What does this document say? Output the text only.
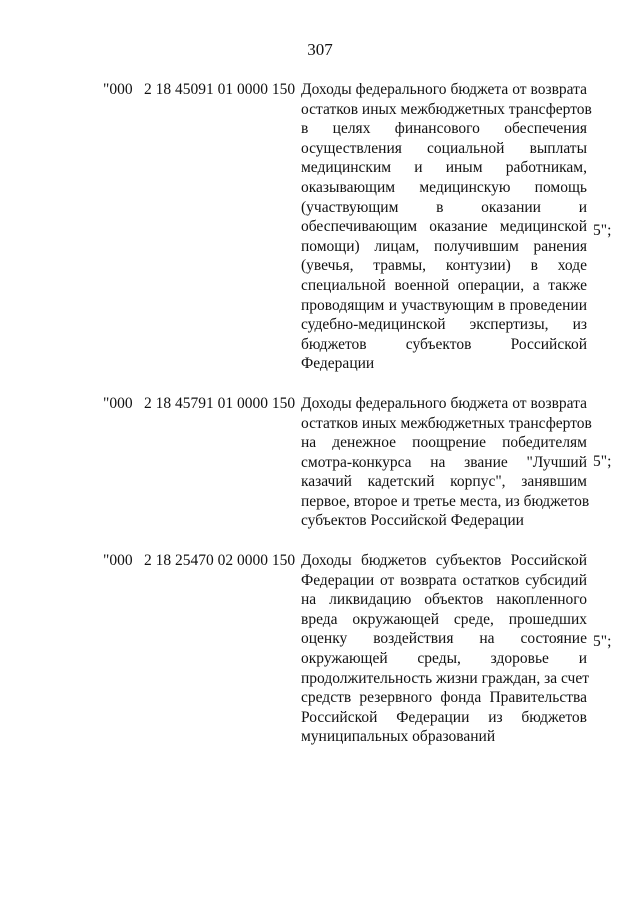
307
"000 2 18 45091 01 0000 150 Доходы федерального бюджета от возврата
остатков иных межбюджетных трансфертов
в целях финансового обеспечения
осуществления социальной выплаты
медицинским и иным работникам,
оказывающим медицинскую помощь
(участвующим в оказании и
обеспечивающим оказание медицинской
помощи) лицам, получившим ранения
(увечья, травмы, контузии) в ходе
специальной военной операции, а также
проводящим и участвующим в проведении
судебно-медицинской экспертизы, из
бюджетов субъектов Российской
Федерации
5";
"000 2 18 45791 01 0000 150 Доходы федерального бюджета от возврата
остатков иных межбюджетных трансфертов
на денежное поощрение победителям
смотра-конкурса на звание "Лучший
казачий кадетский корпус", занявшим
первое, второе и третье места, из бюджетов
субъектов Российской Федерации
5";
"000 2 18 25470 02 0000 150 Доходы бюджетов субъектов Российской
Федерации от возврата остатков субсидий
на ликвидацию объектов накопленного
вреда окружающей среде, прошедших
оценку воздействия на состояние
окружающей среды, здоровье и
продолжительность жизни граждан, за счет
средств резервного фонда Правительства
Российской Федерации из бюджетов
муниципальных образований
5";
